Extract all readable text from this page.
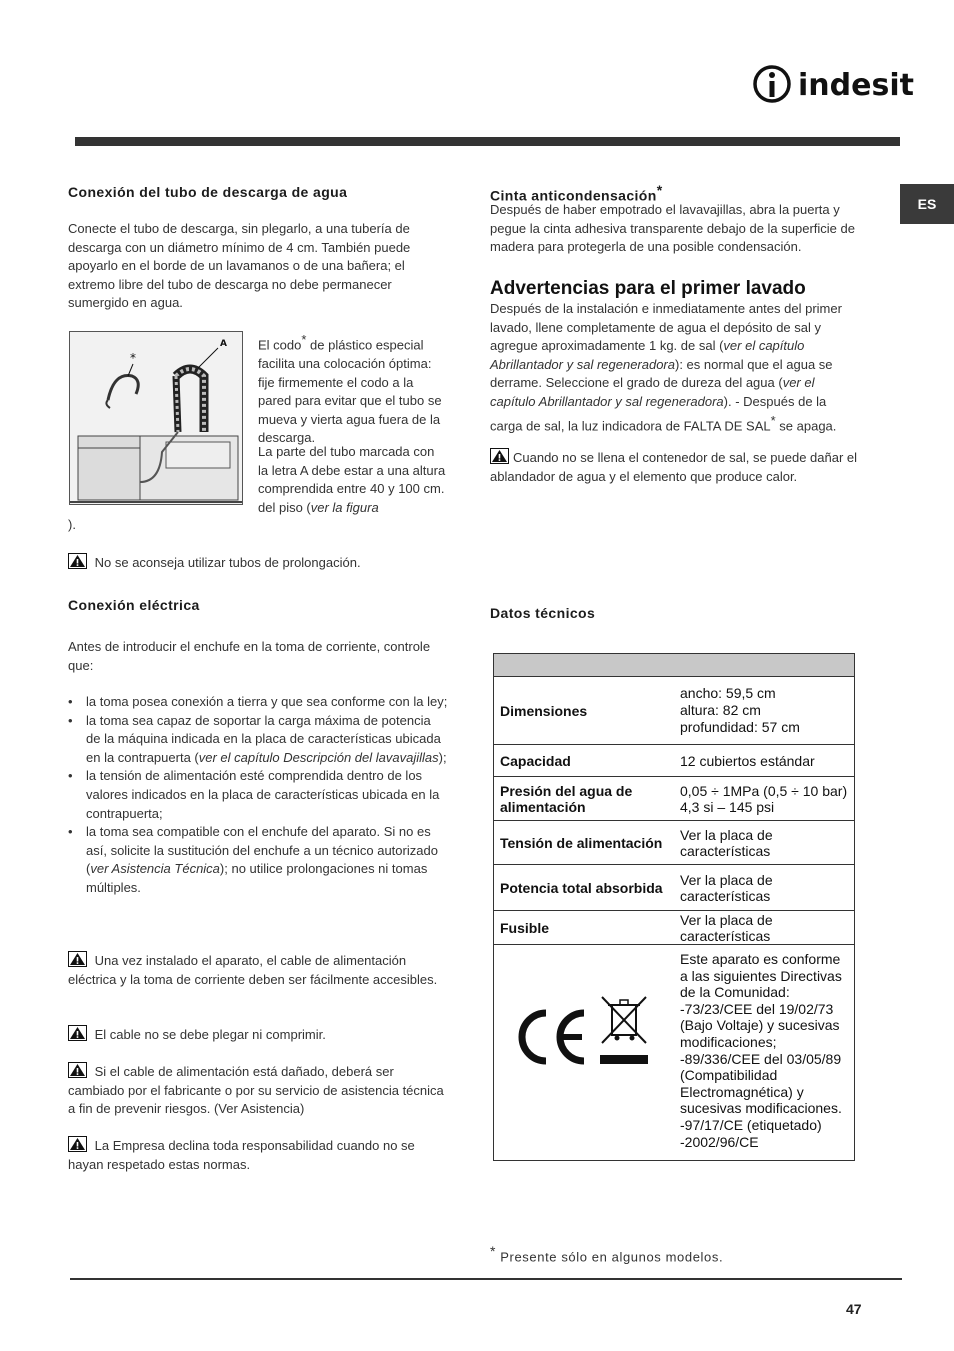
indesit
ES
Conexión del tubo de descarga de agua
Conecte el tubo de descarga, sin plegarlo, a una tubería de descarga con un diámetro mínimo de 4 cm. También puede apoyarlo en el borde de un lavamanos o de una bañera; el extremo libre del tubo de descarga no debe permanecer sumergido en agua.
*
A El codo* de plástico especial facilita una colocación óptima: fije firmemente el codo a la pared para evitar que el tubo se mueva y vierta agua fuera de la descarga.
La parte del tubo marcada con la letra A debe estar a una altura comprendida entre 40 y 100 cm. del piso (ver la figura
).
No se aconseja utilizar tubos de prolongación.
Conexión eléctrica
Antes de introducir el enchufe en la toma de corriente, controle que:
• la toma posea conexión a tierra y que sea conforme con la ley;
• la toma sea capaz de soportar la carga máxima de potencia de la máquina indicada en la placa de características ubicada en la contrapuerta (ver el capítulo Descripción del lavavajillas);
• la tensión de alimentación esté comprendida dentro de los valores indicados en la placa de características ubicada en la contrapuerta;
• la toma sea compatible con el enchufe del aparato. Si no es así, solicite la sustitución del enchufe a un técnico autorizado (ver Asistencia Técnica); no utilice prolongaciones ni tomas múltiples.
Una vez instalado el aparato, el cable de alimentación eléctrica y la toma de corriente deben ser fácilmente accesibles.
El cable no se debe plegar ni comprimir.
Si el cable de alimentación está dañado, deberá ser cambiado por el fabricante o por su servicio de asistencia técnica a fin de prevenir riesgos. (Ver Asistencia)
La Empresa declina toda responsabilidad cuando no se hayan respetado estas normas.
Cinta anticondensación*
Después de haber empotrado el lavavajillas, abra la puerta y pegue la cinta adhesiva transparente debajo de la superficie de madera para protegerla de una posible condensación.
Advertencias para el primer lavado
Después de la instalación e inmediatamente antes del primer lavado, llene completamente de agua el depósito de sal y agregue aproximadamente 1 kg. de sal (ver el capítulo Abrillantador y sal regeneradora): es normal que el agua se derrame. Seleccione el grado de dureza del agua (ver el capítulo Abrillantador y sal regeneradora). - Después de la carga de sal, la luz indicadora de FALTA DE SAL* se apaga.
Cuando no se llena el contenedor de sal, se puede dañar el ablandador de agua y el elemento que produce calor.
Datos técnicos

Dimensiones	ancho: 59,5 cm
altura: 82 cm
profundidad: 57 cm
Capacidad	12 cubiertos estándar
Presión del agua de alimentación	0,05 ÷ 1MPa (0,5 ÷ 10 bar)
4,3 si – 145 psi
Tensión de alimentación	Ver la placa de características
Potencia total absorbida	Ver la placa de características
Fusible	Ver la placa de características
	Este aparato es conforme a las siguientes Directivas de la Comunidad:
-73/23/CEE del 19/02/73 (Bajo Voltaje) y sucesivas modificaciones;
-89/336/CEE del 03/05/89 (Compatibilidad Electromagnética) y sucesivas modificaciones.
-97/17/CE (etiquetado)
-2002/96/CE
* Presente sólo en algunos modelos.
47
